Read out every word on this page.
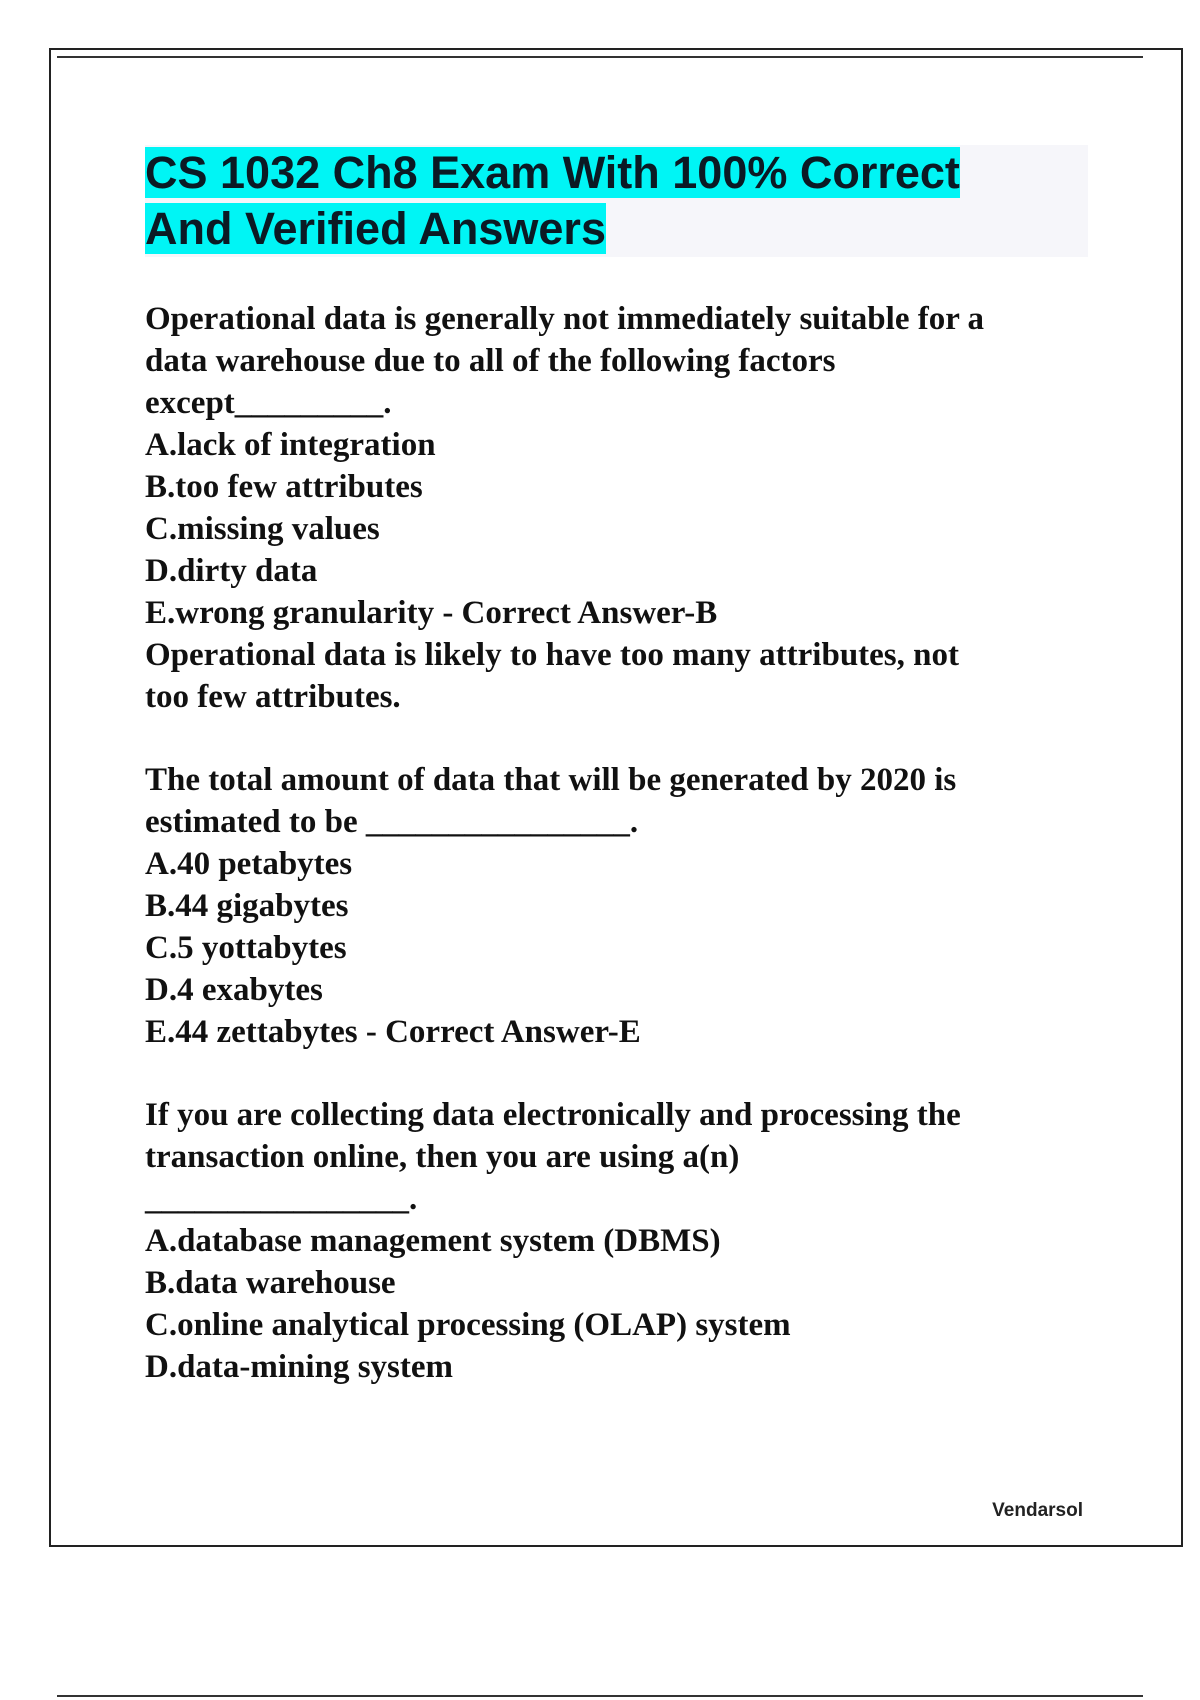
CS 1032 Ch8 Exam With 100% Correct
And Verified Answers
Operational data is generally not immediately suitable for a
data warehouse due to all of the following factors
except_________.
A.lack of integration
B.too few attributes
C.missing values
D.dirty data
E.wrong granularity - Correct Answer-B
Operational data is likely to have too many attributes, not
too few attributes.
The total amount of data that will be generated by 2020 is
estimated to be ________________.
A.40 petabytes
B.44 gigabytes
C.5 yottabytes
D.4 exabytes
E.44 zettabytes - Correct Answer-E
If you are collecting data electronically and processing the
transaction online, then you are using a(n)
________________.
A.database management system (DBMS)
B.data warehouse
C.online analytical processing (OLAP) system
D.data-mining system
Vendarsol
